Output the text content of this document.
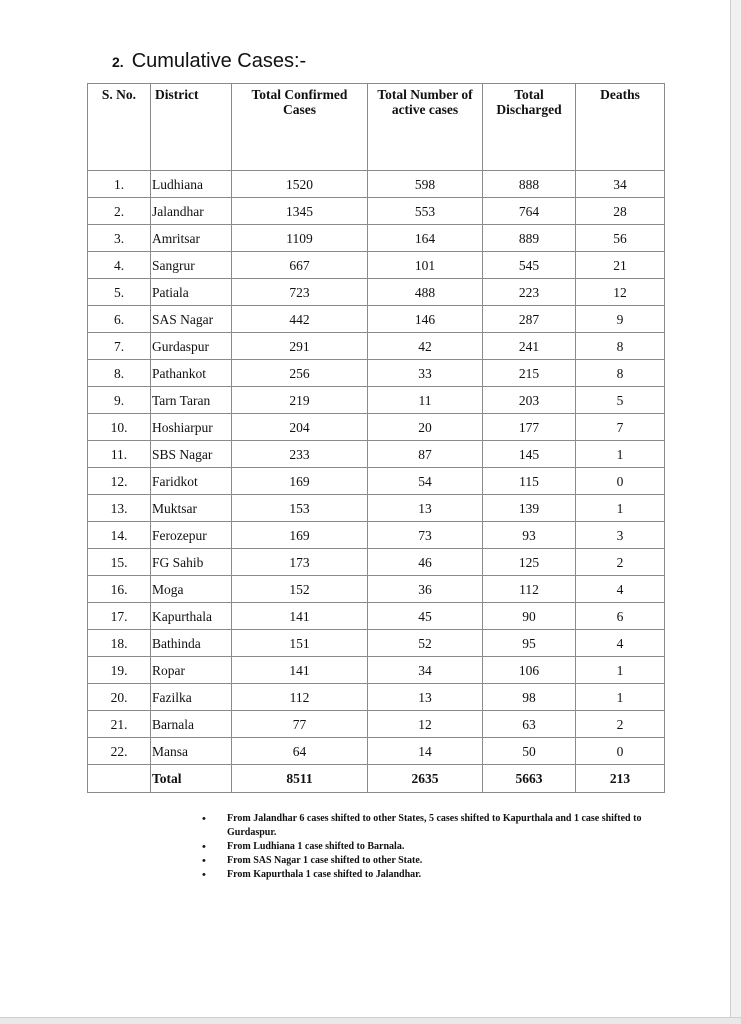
2. Cumulative Cases:-
S. No.	District	Total Confirmed Cases	Total Number of active cases	Total Discharged	Deaths
1.	Ludhiana	1520	598	888	34
2.	Jalandhar	1345	553	764	28
3.	Amritsar	1109	164	889	56
4.	Sangrur	667	101	545	21
5.	Patiala	723	488	223	12
6.	SAS Nagar	442	146	287	9
7.	Gurdaspur	291	42	241	8
8.	Pathankot	256	33	215	8
9.	Tarn Taran	219	11	203	5
10.	Hoshiarpur	204	20	177	7
11.	SBS Nagar	233	87	145	1
12.	Faridkot	169	54	115	0
13.	Muktsar	153	13	139	1
14.	Ferozepur	169	73	93	3
15.	FG Sahib	173	46	125	2
16.	Moga	152	36	112	4
17.	Kapurthala	141	45	90	6
18.	Bathinda	151	52	95	4
19.	Ropar	141	34	106	1
20.	Fazilka	112	13	98	1
21.	Barnala	77	12	63	2
22.	Mansa	64	14	50	0
	Total	8511	2635	5663	213
• From Jalandhar 6 cases shifted to other States, 5 cases shifted to Kapurthala and 1 case shifted to Gurdaspur.
• From Ludhiana 1 case shifted to Barnala.
• From SAS Nagar 1 case shifted to other State.
• From Kapurthala 1 case shifted to Jalandhar.
